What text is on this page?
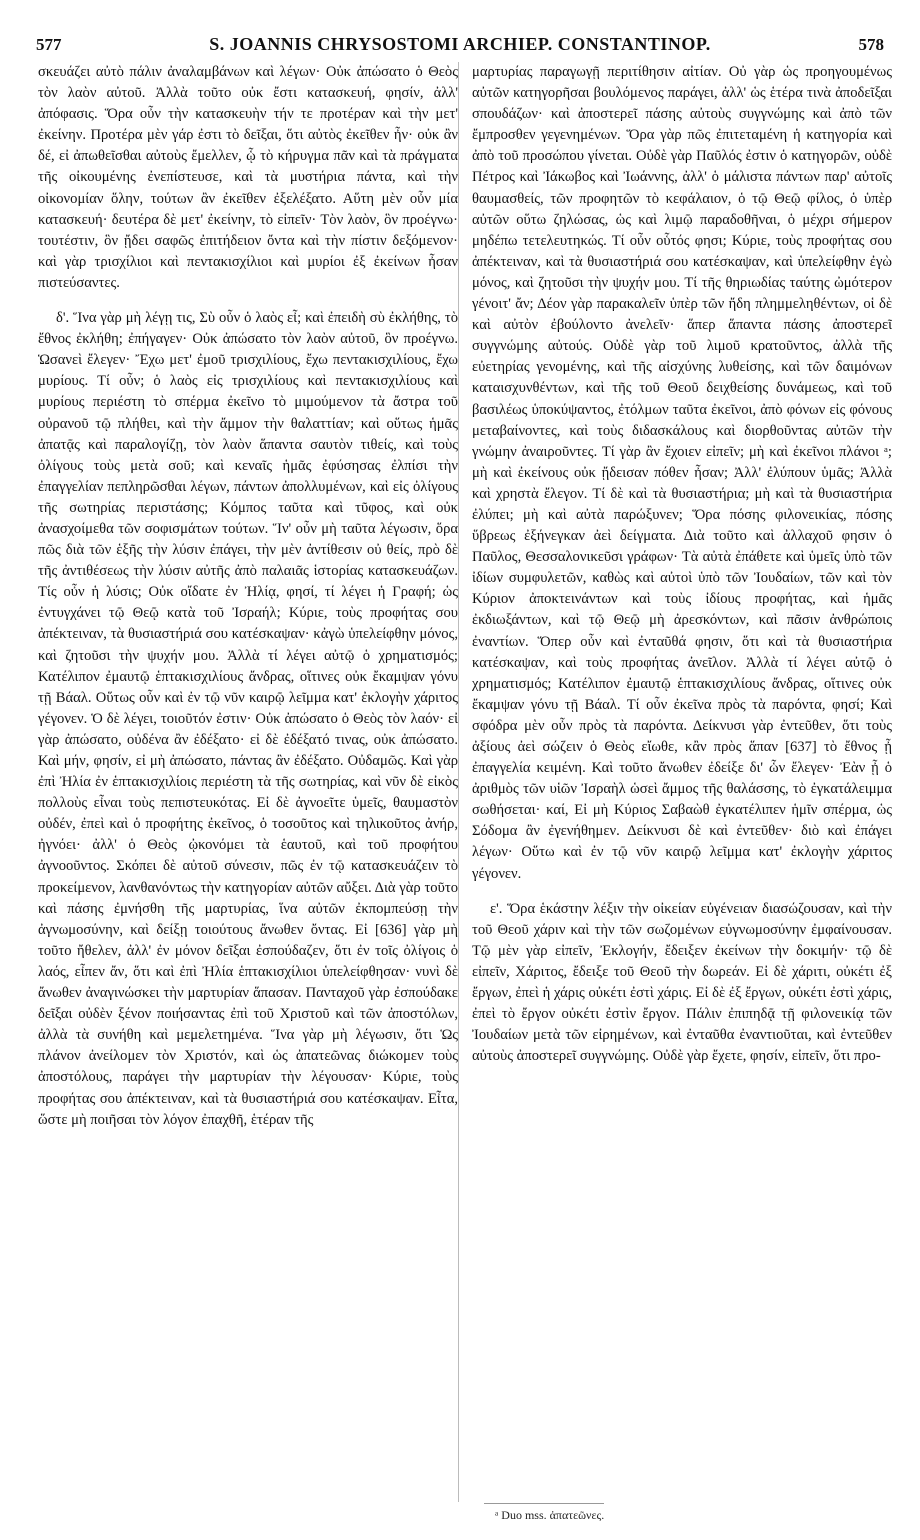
577	S. JOANNIS CHRYSOSTOMI ARCHIEP. CONSTANTINOP.	578

σκευάζει αὐτὸ πάλιν ἀναλαμβάνων καὶ λέγων· Οὐκ ἀπώσατο ὁ Θεὸς τὸν λαὸν αὐτοῦ. Ἀλλὰ τοῦτο οὐκ ἔστι κατασκευή, φησίν, ἀλλ' ἀπόφασις. Ὅρα οὖν τὴν κατασκευὴν τήν τε προτέραν καὶ τὴν μετ' ἐκείνην. Προτέρα μὲν γάρ ἐστι τὸ δεῖξαι, ὅτι αὐτὸς ἐκεῖθεν ἦν· οὐκ ἂν δέ, εἰ ἀπωθεῖσθαι αὐτοὺς ἔμελλεν, ᾧ τὸ κήρυγμα πᾶν καὶ τὰ πράγματα τῆς οἰκουμένης ἐνεπίστευσε, καὶ τὰ μυστήρια πάντα, καὶ τὴν οἰκονομίαν ὅλην, τούτων ἂν ἐκεῖθεν ἐξελέξατο. Αὕτη μὲν οὖν μία κατασκευή· δευτέρα δὲ μετ' ἐκείνην, τὸ εἰπεῖν· Τὸν λαὸν, ὃν προέγνω· τουτέστιν, ὃν ᾔδει σαφῶς ἐπιτήδειον ὄντα καὶ τὴν πίστιν δεξόμενον· καὶ γὰρ τρισχίλιοι καὶ πεντακισχίλιοι καὶ μυρίοι ἐξ ἐκείνων ἦσαν πιστεύσαντες.

δ'. Ἵνα γὰρ μὴ λέγῃ τις, Σὺ οὖν ὁ λαὸς εἶ; καὶ ἐπειδὴ σὺ ἐκλήθης, τὸ ἔθνος ἐκλήθη; ἐπήγαγεν· Οὐκ ἀπώσατο τὸν λαὸν αὐτοῦ, ὃν προέγνω. Ὡσανεὶ ἔλεγεν· Ἔχω μετ' ἐμοῦ τρισχιλίους, ἔχω πεντακισχιλίους, ἔχω μυρίους. Τί οὖν; ὁ λαὸς εἰς τρισχιλίους καὶ πεντακισχιλίους καὶ μυρίους περιέστη τὸ σπέρμα ἐκεῖνο τὸ μιμούμενον τὰ ἄστρα τοῦ οὐρανοῦ τῷ πλήθει, καὶ τὴν ἄμμον τὴν θαλαττίαν; καὶ οὕτως ἡμᾶς ἀπατᾷς καὶ παραλογίζῃ, τὸν λαὸν ἅπαντα σαυτὸν τιθείς, καὶ τοὺς ὀλίγους τοὺς μετὰ σοῦ; καὶ κεναῖς ἡμᾶς ἐφύσησας ἐλπίσι τὴν ἐπαγγελίαν πεπληρῶσθαι λέγων, πάντων ἀπολλυμένων, καὶ εἰς ὀλίγους τῆς σωτηρίας περιστάσης; Κόμπος ταῦτα καὶ τῦφος, καὶ οὐκ ἀνασχοίμεθα τῶν σοφισμάτων τούτων. Ἵν' οὖν μὴ ταῦτα λέγωσιν, ὅρα πῶς διὰ τῶν ἑξῆς τὴν λύσιν ἐπάγει, τὴν μὲν ἀντίθεσιν οὐ θείς, πρὸ δὲ τῆς ἀντιθέσεως τὴν λύσιν αὐτῆς ἀπὸ παλαιᾶς ἱστορίας κατασκευάζων. Τίς οὖν ἡ λύσις; Οὐκ οἴδατε ἐν Ἠλίᾳ, φησί, τί λέγει ἡ Γραφή; ὡς ἐντυγχάνει τῷ Θεῷ κατὰ τοῦ Ἰσραήλ; Κύριε, τοὺς προφήτας σου ἀπέκτειναν, τὰ θυσιαστήριά σου κατέσκαψαν· κἀγὼ ὑπελείφθην μόνος, καὶ ζητοῦσι τὴν ψυχήν μου. Ἀλλὰ τί λέγει αὐτῷ ὁ χρηματισμός; Κατέλιπον ἐμαυτῷ ἑπτακισχιλίους ἄνδρας, οἵτινες οὐκ ἔκαμψαν γόνυ τῇ Βάαλ. Οὕτως οὖν καὶ ἐν τῷ νῦν καιρῷ λεῖμμα κατ' ἐκλογὴν χάριτος γέγονεν. Ὁ δὲ λέγει, τοιοῦτόν ἐστιν· Οὐκ ἀπώσατο ὁ Θεὸς τὸν λαόν· εἰ γὰρ ἀπώσατο, οὐδένα ἂν ἐδέξατο· εἰ δὲ ἐδέξατό τινας, οὐκ ἀπώσατο. Καὶ μήν, φησίν, εἰ μὴ ἀπώσατο, πάντας ἂν ἐδέξατο. Οὐδαμῶς. Καὶ γὰρ ἐπὶ Ἠλία ἐν ἑπτακισχιλίοις περιέστη τὰ τῆς σωτηρίας, καὶ νῦν δὲ εἰκὸς πολλοὺς εἶναι τοὺς πεπιστευκότας. Εἰ δὲ ἀγνοεῖτε ὑμεῖς, θαυμαστὸν οὐδέν, ἐπεὶ καὶ ὁ προφήτης ἐκεῖνος, ὁ τοσοῦτος καὶ τηλικοῦτος ἀνήρ, ἠγνόει· ἀλλ' ὁ Θεὸς ᾠκονόμει τὰ ἑαυτοῦ, καὶ τοῦ προφήτου ἀγνοοῦντος. Σκόπει δὲ αὐτοῦ σύνεσιν, πῶς ἐν τῷ κατασκευάζειν τὸ προκείμενον, λανθανόντως τὴν κατηγορίαν αὐτῶν αὔξει. Διὰ γὰρ τοῦτο καὶ πάσης ἐμνήσθη τῆς μαρτυρίας, ἵνα αὐτῶν ἐκπομπεύσῃ τὴν ἀγνωμοσύνην, καὶ δείξῃ τοιούτους ἄνωθεν ὄντας. Εἰ [636] γὰρ μὴ τοῦτο ἤθελεν, ἀλλ' ἐν μόνον δεῖξαι ἐσπούδαζεν, ὅτι ἐν τοῖς ὀλίγοις ὁ λαός, εἶπεν ἄν, ὅτι καὶ ἐπὶ Ἠλία ἑπτακισχίλιοι ὑπελείφθησαν· νυνὶ δὲ ἄνωθεν ἀναγινώσκει τὴν μαρτυρίαν ἅπασαν. Πανταχοῦ γὰρ ἐσπούδακε δεῖξαι οὐδὲν ξένον ποιήσαντας ἐπὶ τοῦ Χριστοῦ καὶ τῶν ἀποστόλων, ἀλλὰ τὰ συνήθη καὶ μεμελετημένα. Ἵνα γὰρ μὴ λέγωσιν, ὅτι Ὡς πλάνον ἀνείλομεν τὸν Χριστόν, καὶ ὡς ἀπατεῶνας διώκομεν τοὺς ἀποστόλους, παράγει τὴν μαρτυρίαν τὴν λέγουσαν· Κύριε, τοὺς προφήτας σου ἀπέκτειναν, καὶ τὰ θυσιαστήριά σου κατέσκαψαν. Εἶτα, ὥστε μὴ ποιῆσαι τὸν λόγον ἐπαχθῆ, ἑτέραν τῆς

μαρτυρίας παραγωγῇ περιτίθησιν αἰτίαν. Οὐ γὰρ ὡς προηγουμένως αὐτῶν κατηγορῆσαι βουλόμενος παράγει, ἀλλ' ὡς ἑτέρα τινὰ ἀποδεῖξαι σπουδάζων· καὶ ἀποστερεῖ πάσης αὐτοὺς συγγνώμης καὶ ἀπὸ τῶν ἔμπροσθεν γεγενημένων. Ὅρα γὰρ πῶς ἐπιτεταμένη ἡ κατηγορία καὶ ἀπὸ τοῦ προσώπου γίνεται. Οὐδὲ γὰρ Παῦλός ἐστιν ὁ κατηγορῶν, οὐδὲ Πέτρος καὶ Ἰάκωβος καὶ Ἰωάννης, ἀλλ' ὁ μάλιστα πάντων παρ' αὐτοῖς θαυμασθείς, τῶν προφητῶν τὸ κεφάλαιον, ὁ τῷ Θεῷ φίλος, ὁ ὑπὲρ αὐτῶν οὕτω ζηλώσας, ὡς καὶ λιμῷ παραδοθῆναι, ὁ μέχρι σήμερον μηδέπω τετελευτηκώς. Τί οὖν οὗτός φησι; Κύριε, τοὺς προφήτας σου ἀπέκτειναν, καὶ τὰ θυσιαστήριά σου κατέσκαψαν, καὶ ὑπελείφθην ἐγὼ μόνος, καὶ ζητοῦσι τὴν ψυχήν μου. Τί τῆς θηριωδίας ταύτης ὠμότερον γένοιτ' ἄν; Δέον γὰρ παρακαλεῖν ὑπὲρ τῶν ἤδη πλημμεληθέντων, οἱ δὲ καὶ αὐτὸν ἐβούλοντο ἀνελεῖν· ἅπερ ἅπαντα πάσης ἀποστερεῖ συγγνώμης αὐτούς. Οὐδὲ γὰρ τοῦ λιμοῦ κρατοῦντος, ἀλλὰ τῆς εὐετηρίας γενομένης, καὶ τῆς αἰσχύνης λυθείσης, καὶ τῶν δαιμόνων καταισχυνθέντων, καὶ τῆς τοῦ Θεοῦ δειχθείσης δυνάμεως, καὶ τοῦ βασιλέως ὑποκύψαντος, ἐτόλμων ταῦτα ἐκεῖνοι, ἀπὸ φόνων εἰς φόνους μεταβαίνοντες, καὶ τοὺς διδασκάλους καὶ διορθοῦντας αὐτῶν τὴν γνώμην ἀναιροῦντες. Τί γὰρ ἂν ἔχοιεν εἰπεῖν; μὴ καὶ ἐκεῖνοι πλάνοι ᵃ; μὴ καὶ ἐκείνους οὐκ ᾔδεισαν πόθεν ἦσαν; Ἀλλ' ἐλύπουν ὑμᾶς; Ἀλλὰ καὶ χρηστὰ ἔλεγον. Τί δὲ καὶ τὰ θυσιαστήρια; μὴ καὶ τὰ θυσιαστήρια ἐλύπει; μὴ καὶ αὐτὰ παρώξυνεν; Ὅρα πόσης φιλονεικίας, πόσης ὕβρεως ἐξήνεγκαν ἀεὶ δείγματα. Διὰ τοῦτο καὶ ἀλλαχοῦ φησιν ὁ Παῦλος, Θεσσαλονικεῦσι γράφων· Τὰ αὐτὰ ἐπάθετε καὶ ὑμεῖς ὑπὸ τῶν ἰδίων συμφυλετῶν, καθὼς καὶ αὐτοὶ ὑπὸ τῶν Ἰουδαίων, τῶν καὶ τὸν Κύριον ἀποκτεινάντων καὶ τοὺς ἰδίους προφήτας, καὶ ἡμᾶς ἐκδιωξάντων, καὶ τῷ Θεῷ μὴ ἀρεσκόντων, καὶ πᾶσιν ἀνθρώποις ἐναντίων. Ὅπερ οὖν καὶ ἐνταῦθά φησιν, ὅτι καὶ τὰ θυσιαστήρια κατέσκαψαν, καὶ τοὺς προφήτας ἀνεῖλον. Ἀλλὰ τί λέγει αὐτῷ ὁ χρηματισμός; Κατέλιπον ἐμαυτῷ ἑπτακισχιλίους ἄνδρας, οἵτινες οὐκ ἔκαμψαν γόνυ τῇ Βάαλ. Τί οὖν ἐκεῖνα πρὸς τὰ παρόντα, φησί; Καὶ σφόδρα μὲν οὖν πρὸς τὰ παρόντα. Δείκνυσι γὰρ ἐντεῦθεν, ὅτι τοὺς ἀξίους ἀεὶ σώζειν ὁ Θεὸς εἴωθε, κἂν πρὸς ἅπαν [637] τὸ ἔθνος ᾖ ἐπαγγελία κειμένη. Καὶ τοῦτο ἄνωθεν ἐδείξε δι' ὧν ἔλεγεν· Ἐὰν ᾖ ὁ ἀριθμὸς τῶν υἱῶν Ἰσραὴλ ὡσεὶ ἄμμος τῆς θαλάσσης, τὸ ἐγκατάλειμμα σωθήσεται· καί, Εἰ μὴ Κύριος Σαβαὼθ ἐγκατέλιπεν ἡμῖν σπέρμα, ὡς Σόδομα ἂν ἐγενήθημεν. Δείκνυσι δὲ καὶ ἐντεῦθεν· διὸ καὶ ἐπάγει λέγων· Οὕτω καὶ ἐν τῷ νῦν καιρῷ λεῖμμα κατ' ἐκλογὴν χάριτος γέγονεν.

ε'. Ὅρα ἑκάστην λέξιν τὴν οἰκείαν εὐγένειαν διασώζουσαν, καὶ τὴν τοῦ Θεοῦ χάριν καὶ τὴν τῶν σωζομένων εὐγνωμοσύνην ἐμφαίνουσαν. Τῷ μὲν γὰρ εἰπεῖν, Ἐκλογήν, ἔδειξεν ἐκείνων τὴν δοκιμήν· τῷ δὲ εἰπεῖν, Χάριτος, ἔδειξε τοῦ Θεοῦ τὴν δωρεάν. Εἰ δὲ χάριτι, οὐκέτι ἐξ ἔργων, ἐπεὶ ἡ χάρις οὐκέτι ἐστὶ χάρις. Εἰ δὲ ἐξ ἔργων, οὐκέτι ἐστὶ χάρις, ἐπεὶ τὸ ἔργον οὐκέτι ἐστὶν ἔργον. Πάλιν ἐπιπηδᾷ τῇ φιλονεικίᾳ τῶν Ἰουδαίων μετὰ τῶν εἰρημένων, καὶ ἐνταῦθα ἐναντιοῦται, καὶ ἐντεῦθεν αὐτοὺς ἀποστερεῖ συγγνώμης. Οὐδὲ γὰρ ἔχετε, φησίν, εἰπεῖν, ὅτι προ-

ᵃ Duo mss. ἀπατεῶνες.
